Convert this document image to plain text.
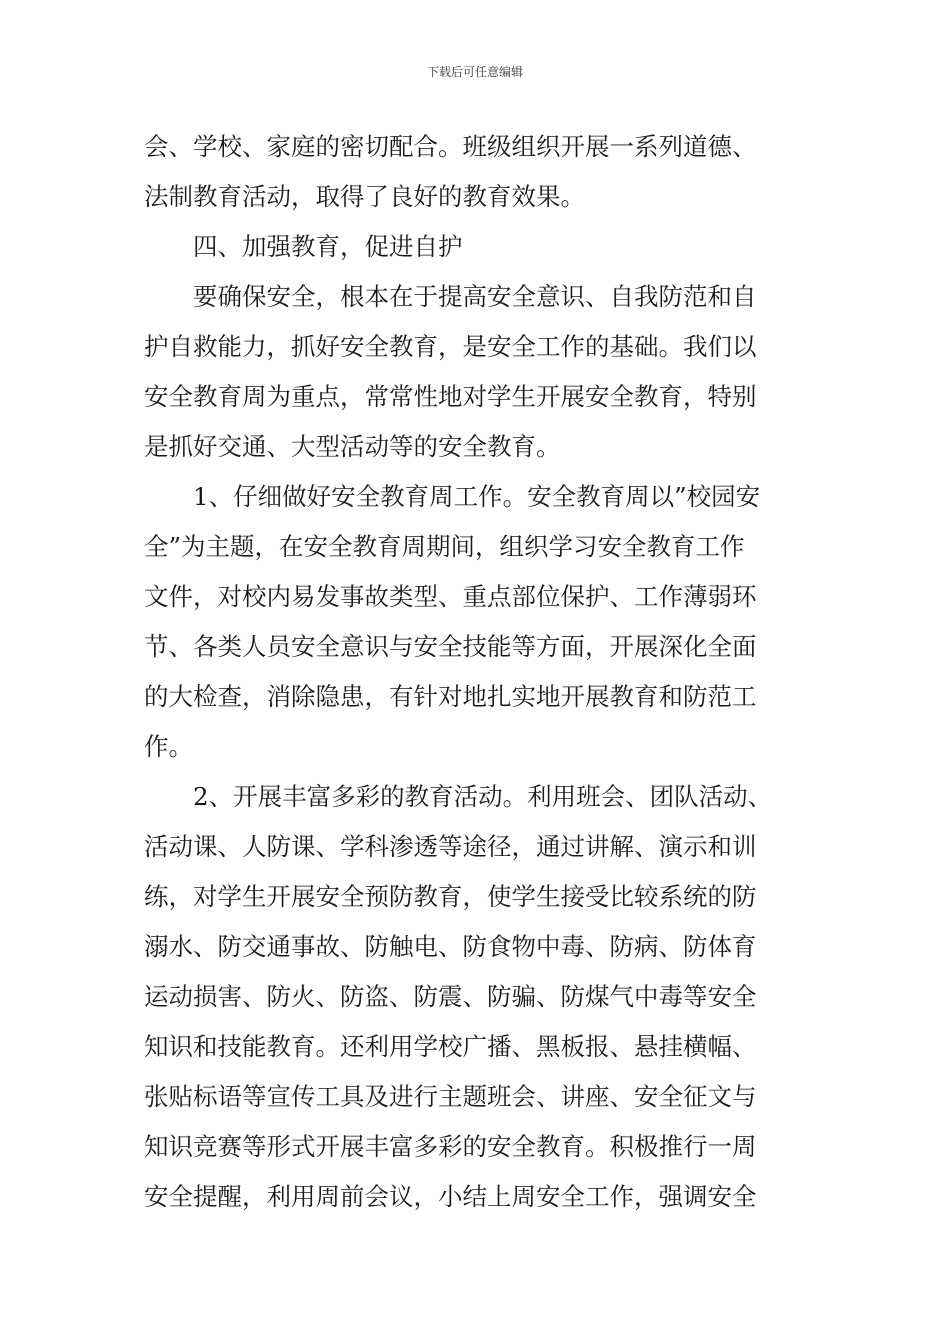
下载后可任意编辑
会、学校、家庭的密切配合。班级组织开展一系列道德、
法制教育活动，取得了良好的教育效果。
四、加强教育，促进自护
要确保安全，根本在于提高安全意识、自我防范和自
护自救能力，抓好安全教育，是安全工作的基础。我们以
安全教育周为重点，常常性地对学生开展安全教育，特别
是抓好交通、大型活动等的安全教育。
1、仔细做好安全教育周工作。安全教育周以”校园安
全”为主题，在安全教育周期间，组织学习安全教育工作
文件，对校内易发事故类型、重点部位保护、工作薄弱环
节、各类人员安全意识与安全技能等方面，开展深化全面
的大检查，消除隐患，有针对地扎实地开展教育和防范工
作。
2、开展丰富多彩的教育活动。利用班会、团队活动、
活动课、人防课、学科渗透等途径，通过讲解、演示和训
练，对学生开展安全预防教育，使学生接受比较系统的防
溺水、防交通事故、防触电、防食物中毒、防病、防体育
运动损害、防火、防盗、防震、防骗、防煤气中毒等安全
知识和技能教育。还利用学校广播、黑板报、悬挂横幅、
张贴标语等宣传工具及进行主题班会、讲座、安全征文与
知识竞赛等形式开展丰富多彩的安全教育。积极推行一周
安全提醒，利用周前会议，小结上周安全工作，强调安全
